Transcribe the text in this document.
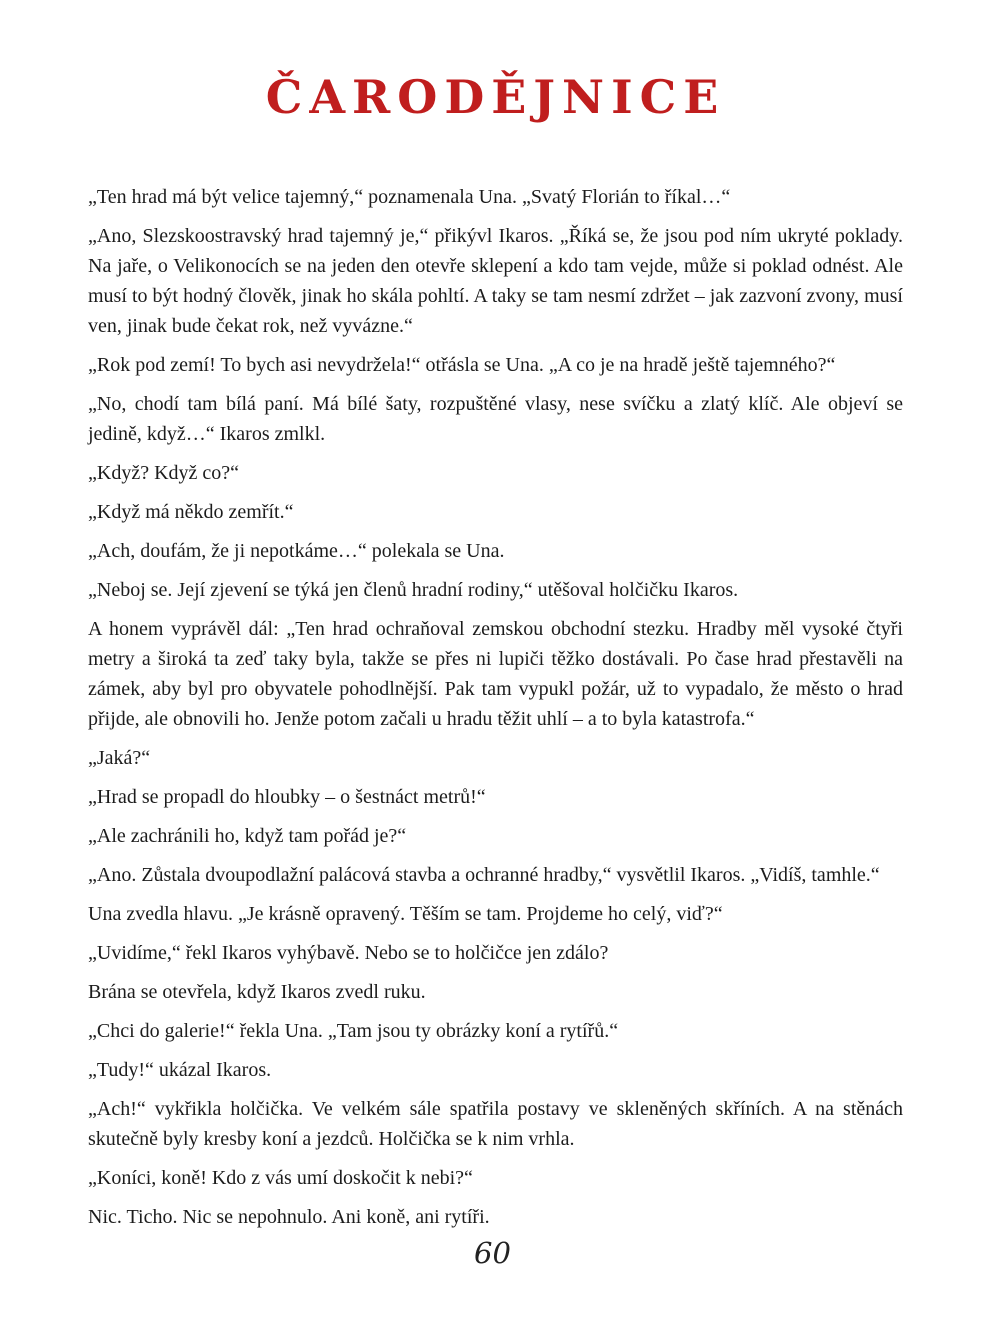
ČARODĚJNICE

„Ten hrad má být velice tajemný,“ poznamenala Una. „Svatý Florián to říkal…“

„Ano, Slezskoostravský hrad tajemný je,“ přikývl Ikaros. „Říká se, že jsou pod ním ukryté poklady. Na jaře, o Velikonocích se na jeden den otevře sklepení a kdo tam vejde, může si poklad odnést. Ale musí to být hodný člověk, jinak ho skála pohltí. A taky se tam nesmí zdržet – jak zazvoní zvony, musí ven, jinak bude čekat rok, než vyvázne.“

„Rok pod zemí! To bych asi nevydržela!“ otřásla se Una. „A co je na hradě ještě tajemného?“

„No, chodí tam bílá paní. Má bílé šaty, rozpuštěné vlasy, nese svíčku a zlatý klíč. Ale objeví se jedině, když…“ Ikaros zmlkl.

„Když? Když co?“

„Když má někdo zemřít.“

„Ach, doufám, že ji nepotkáme…“ polekala se Una.

„Neboj se. Její zjevení se týká jen členů hradní rodiny,“ utěšoval holčičku Ikaros.

A honem vyprávěl dál: „Ten hrad ochraňoval zemskou obchodní stezku. Hradby měl vysoké čtyři metry a široká ta zeď taky byla, takže se přes ni lupiči těžko dostávali. Po čase hrad přestavěli na zámek, aby byl pro obyvatele pohodlnější. Pak tam vypukl požár, už to vypadalo, že město o hrad přijde, ale obnovili ho. Jenže potom začali u hradu těžit uhlí – a to byla katastrofa.“

„Jaká?“

„Hrad se propadl do hloubky – o šestnáct metrů!“

„Ale zachránili ho, když tam pořád je?“

„Ano. Zůstala dvoupodlažní palácová stavba a ochranné hradby,“ vysvětlil Ikaros. „Vidíš, tamhle.“

Una zvedla hlavu. „Je krásně opravený. Těším se tam. Projdeme ho celý, viď?“

„Uvidíme,“ řekl Ikaros vyhýbavě. Nebo se to holčičce jen zdálo?

Brána se otevřela, když Ikaros zvedl ruku.

„Chci do galerie!“ řekla Una. „Tam jsou ty obrázky koní a rytířů.“

„Tudy!“ ukázal Ikaros.

„Ach!“ vykřikla holčička. Ve velkém sále spatřila postavy ve skleněných skříních. A na stěnách skutečně byly kresby koní a jezdců. Holčička se k nim vrhla.

„Koníci, koně! Kdo z vás umí doskočit k nebi?“

Nic. Ticho. Nic se nepohnulo. Ani koně, ani rytíři.

60
